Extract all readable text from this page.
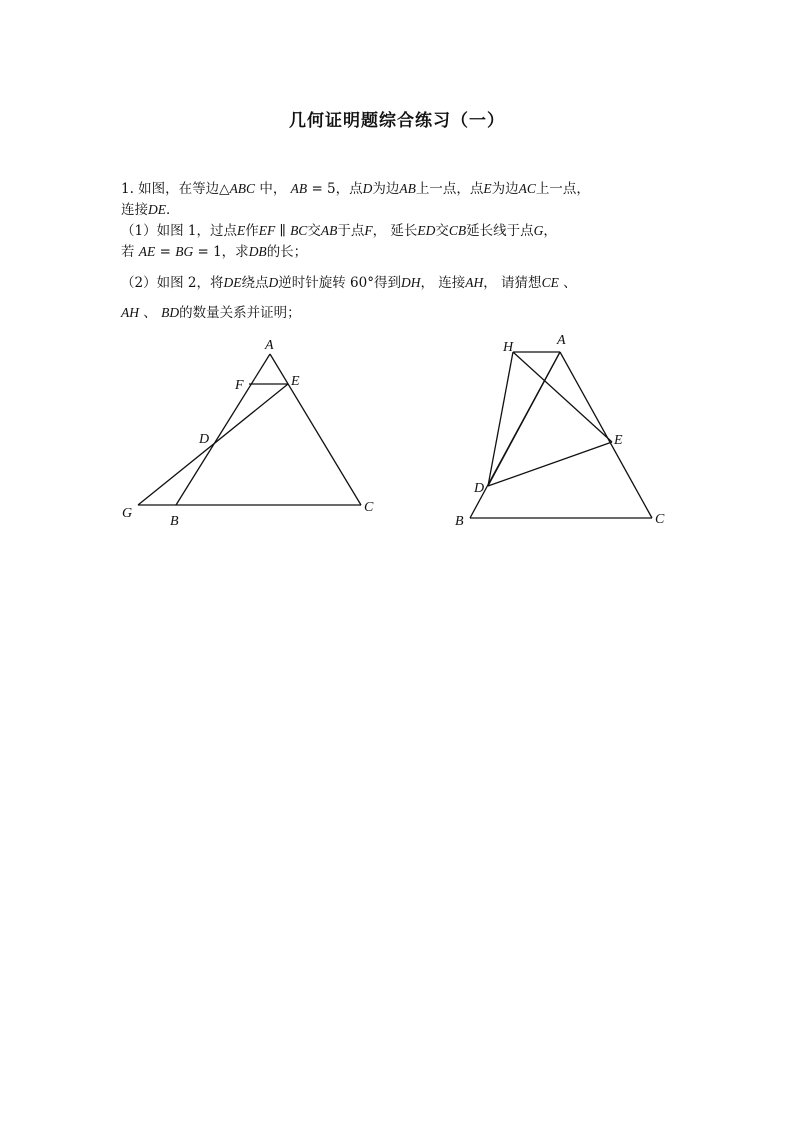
几何证明题综合练习（一）
1. 如图，在等边△ABC 中， AB = 5，点D为边AB上一点，点E为边AC上一点，
连接DE．
（1）如图 1，过点E作EF ∥ BC交AB于点F， 延长ED交CB延长线于点G，
若 AE = BG = 1，求DB的长；
（2）如图 2，将DE绕点D逆时针旋转 60°得到DH， 连接AH， 请猜想CE 、
AH 、 BD的数量关系并证明；
A
F	E
D
G
B
C
H	A
E
D
B	C
